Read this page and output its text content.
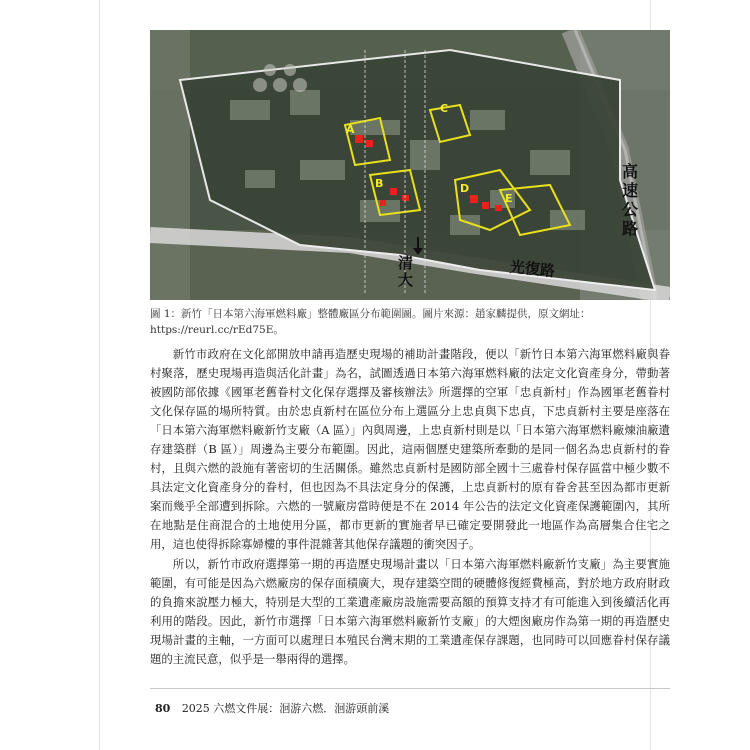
A
C
B	D
E
高速公路
清大	光復路
圖 1：新竹「日本第六海軍燃料廠」整體廠區分布範圍圖。圖片來源：趙家麟提供，原文網址：https://reurl.cc/rEd75E。

新竹市政府在文化部開放申請再造歷史現場的補助計畫階段，便以「新竹日本第六海軍燃料廠與眷村聚落，歷史現場再造與活化計畫」為名，試圖透過日本第六海軍燃料廠的法定文化資產身分，帶動著被國防部依據《國軍老舊眷村文化保存選擇及審核辦法》所選擇的空軍「忠貞新村」作為國軍老舊眷村文化保存區的場所特質。由於忠貞新村在區位分布上選區分上忠貞與下忠貞，下忠貞新村主要是座落在「日本第六海軍燃料廠新竹支廠（A 區）」內與周邊，上忠貞新村則是以「日本第六海軍燃料廠煉油廠遺存建築群（B 區）」周邊為主要分布範圍。因此，這兩個歷史建築所牽動的是同一個名為忠貞新村的眷村，且與六燃的設施有著密切的生活關係。雖然忠貞新村是國防部全國十三處眷村保存區當中極少數不具法定文化資產身分的眷村，但也因為不具法定身分的保護，上忠貞新村的原有眷舍甚至因為都市更新案而幾乎全部遭到拆除。六燃的一號廠房當時便是不在 2014 年公告的法定文化資產保護範圍內，其所在地點是住商混合的土地使用分區，都市更新的實施者早已確定要開發此一地區作為高層集合住宅之用，這也使得拆除寡婦樓的事件混雜著其他保存議題的衝突因子。

所以，新竹市政府選擇第一期的再造歷史現場計畫以「日本第六海軍燃料廠新竹支廠」為主要實施範圍，有可能是因為六燃廠房的保存面積廣大，現存建築空間的硬體修復經費極高，對於地方政府財政的負擔來說壓力極大，特別是大型的工業遺產廠房設施需要高額的預算支持才有可能進入到後續活化再利用的階段。因此，新竹市選擇「日本第六海軍燃料廠新竹支廠」的大煙囪廠房作為第一期的再造歷史現場計畫的主軸，一方面可以處理日本殖民台灣末期的工業遺產保存課題，也同時可以回應眷村保存議題的主流民意，似乎是一舉兩得的選擇。

80 2025 六燃文件展：洄游六燃．洄游頭前溪
